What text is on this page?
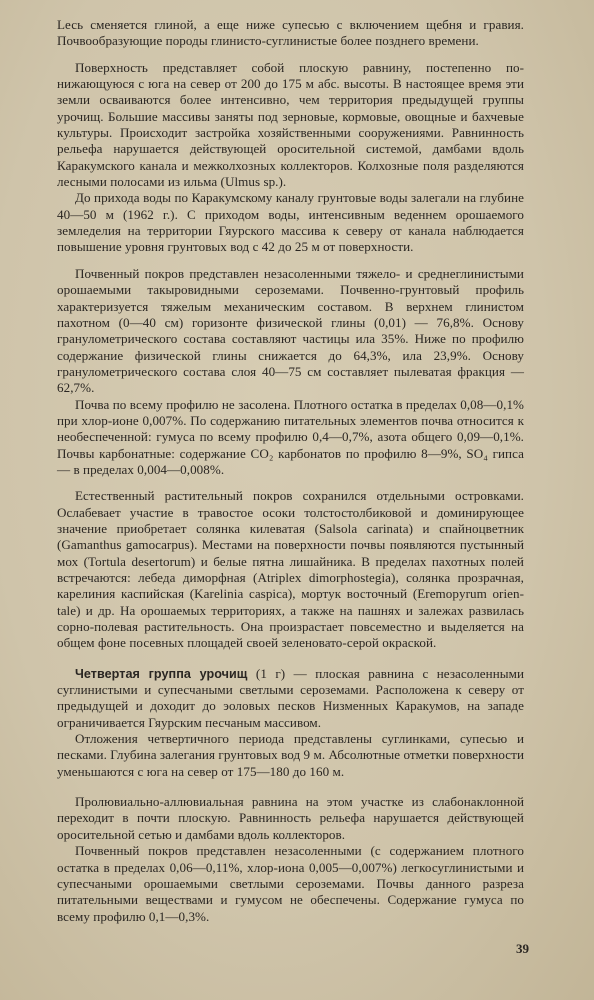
Lесь сменяется глиной, а еще ниже супесью с включением щебня и гравия. Почвообразующие породы глинисто-суглинистые более позднего времени.

Поверхность представляет собой плоскую равнину, постепенно понижающуюся с юга на север от 200 до 175 м абс. высоты. В настоящее время эти земли осваиваются более интенсивно, чем территория предыдущей группы урочищ. Большие массивы заняты под зерновые, кормовые, овощные и бахчевые культуры. Происходит застройка хозяйственными сооружениями. Равнинность рельефа нарушается действующей оросительной системой, дамбами вдоль Каракумского канала и межколхозных коллекторов. Колхозные поля разделяются лесными полосами из ильма (Ulmus sp.).

До прихода воды по Каракумскому каналу грунтовые воды залегали на глубине 40—50 м (1962 г.). С приходом воды, интенсивным веденнем орошаемого земледелия на территории Гяурского массива к северу от канала наблюдается повышение уровня грунтовых вод с 42 до 25 м от поверхности.

Почвенный покров представлен незасоленными тяжело- и среднеглинистыми орошаемыми такыровидными сероземами. Почвенно-грунтовый профиль характеризуется тяжелым механическим составом. В верхнем глинистом пахотном (0—40 см) горизонте физической глины (0,01) — 76,8%. Основу гранулометрического состава составляют частицы ила 35%. Ниже по профилю содержание физической глины снижается до 64,3%, ила 23,9%. Основу гранулометрического состава слоя 40—75 см составляет пылеватая фракция — 62,7%.

Почва по всему профилю не засолена. Плотного остатка в пределах 0,08—0,1% при хлор-ионе 0,007%. По содержанию питательных элементов почва относится к необеспеченной: гумуса по всему профилю 0,4—0,7%, азота общего 0,09—0,1%. Почвы карбонатные: содержание CO₂ карбонатов по профилю 8—9%, SO₄ гипса — в пределах 0,004—0,008%.

Естественный растительный покров сохранился отдельными островками. Ослабевает участие в травостое осоки толстостолбиковой и доминирующее значение приобретает солянка килеватая (Salsola carinata) и спайноцветник (Gamanthus gamocarpus). Местами на поверхности почвы появляются пустынный мох (Tortula desertorum) и белые пятна лишайника. В пределах пахотных полей встречаются: лебеда диморфная (Atriplex dimorphostegia), солянка прозрачная, карелиния каспийская (Karelinia caspica), мортук восточный (Eremopyrum orientale) и др. На орошаемых территориях, а также на пашнях и залежах развилась сорно-полевая растительность. Она произрастает повсеместно и выделяется на общем фоне посевных площадей своей зеленовато-серой окраской.

Четвертая группа урочищ (1 г) — плоская равнина с незасоленными суглинистыми и супесчаными светлыми сероземами. Расположена к северу от предыдущей и доходит до эоловых песков Низменных Каракумов, на западе ограничивается Гяурским песчаным массивом.

Отложения четвертичного периода представлены суглинками, супесью и песками. Глубина залегания грунтовых вод 9 м. Абсолютные отметки поверхности уменьшаются с юга на север от 175—180 до 160 м.

Пролювиально-аллювиальная равнина на этом участке из слабонаклонной переходит в почти плоскую. Равнинность рельефа нарушается действующей оросительной сетью и дамбами вдоль коллекторов.

Почвенный покров представлен незасоленными (с содержанием плотного остатка в пределах 0,06—0,11%, хлор-иона 0,005—0,007%) легкосуглинистыми и супесчаными орошаемыми светлыми сероземами. Почвы данного разреза питательными веществами и гумусом не обеспечены. Содержание гумуса по всему профилю 0,1—0,3%.

39
